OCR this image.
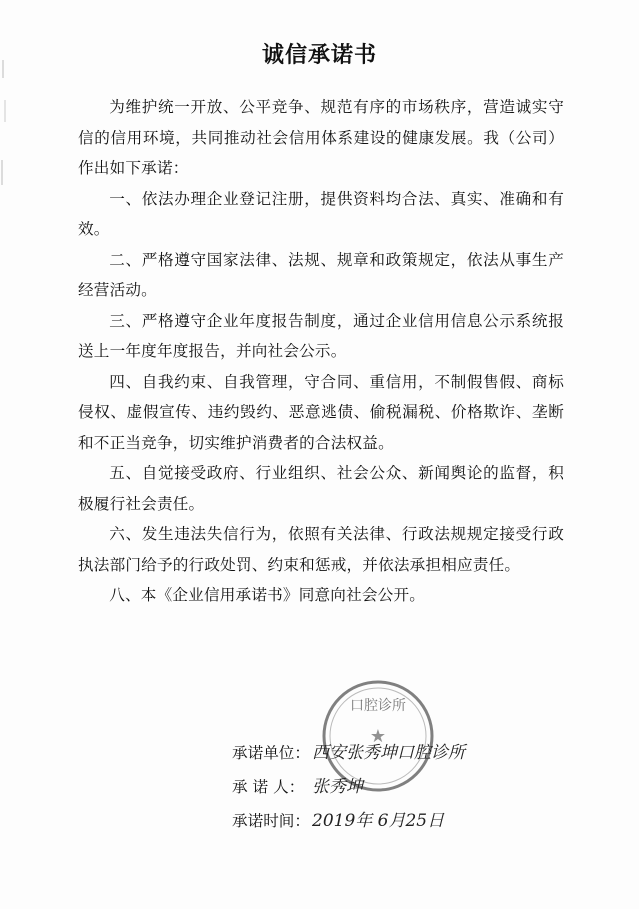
诚信承诺书

为维护统一开放、公平竞争、规范有序的市场秩序，营造诚实守信的信用环境，共同推动社会信用体系建设的健康发展。我（公司）作出如下承诺：

一、依法办理企业登记注册，提供资料均合法、真实、准确和有效。

二、严格遵守国家法律、法规、规章和政策规定，依法从事生产经营活动。

三、严格遵守企业年度报告制度，通过企业信用信息公示系统报送上一年度年度报告，并向社会公示。

四、自我约束、自我管理，守合同、重信用，不制假售假、商标侵权、虚假宣传、违约毁约、恶意逃债、偷税漏税、价格欺诈、垄断和不正当竞争，切实维护消费者的合法权益。

五、自觉接受政府、行业组织、社会公众、新闻舆论的监督，积极履行社会责任。

六、发生违法失信行为，依照有关法律、行政法规规定接受行政执法部门给予的行政处罚、约束和惩戒，并依法承担相应责任。

八、本《企业信用承诺书》同意向社会公开。

口腔诊所
★
承诺单位： 西安张秀坤口腔诊所
承 诺 人： 张秀坤
承诺时间： 2019年 6月25日
